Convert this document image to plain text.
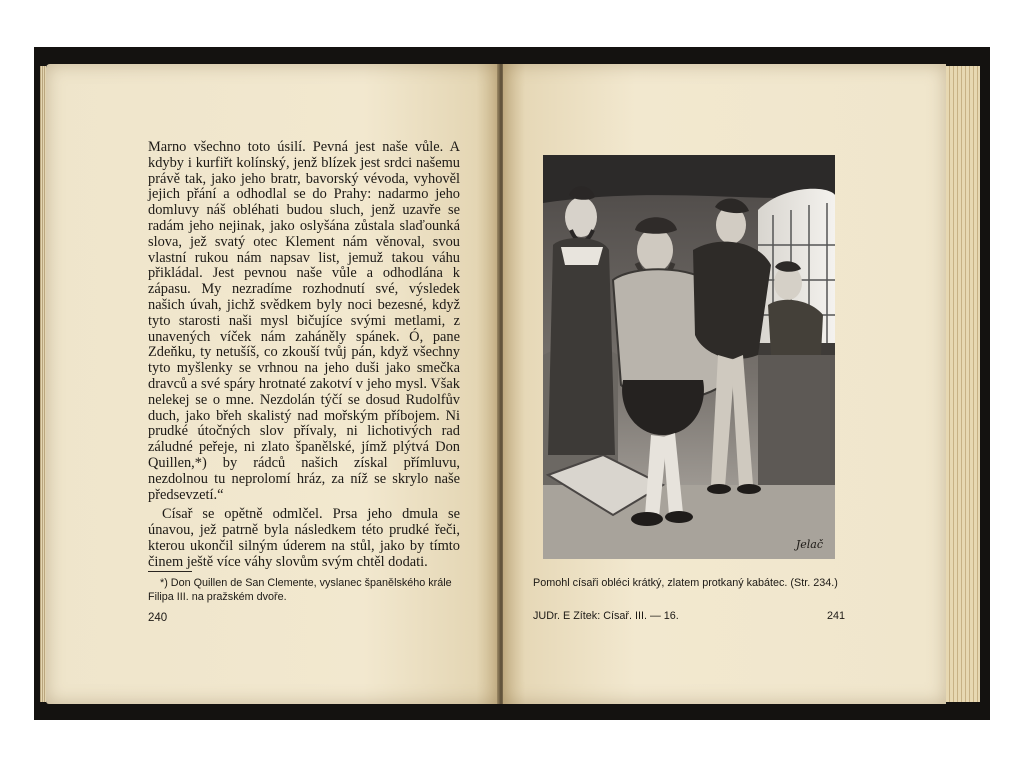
Marno všechno toto úsilí. Pevná jest naše vůle. A kdyby i kurfiřt kolínský, jenž blízek jest srdci našemu právě tak, jako jeho bratr, bavorský vévoda, vyhověl jejich přání a odhodlal se do Prahy: nadarmo jeho domluvy náš obléhati budou sluch, jenž uzavře se radám jeho nejinak, jako oslyšána zůstala slaďounká slova, jež svatý otec Klement nám věnoval, svou vlastní rukou nám napsav list, jemuž takou váhu přikládal. Jest pevnou naše vůle a odhodlána k zápasu. My nezradíme rozhodnutí své, výsledek našich úvah, jichž svědkem byly noci bezesné, když tyto starosti naši mysl bičujíce svými metlami, z unavených víček nám zaháněly spánek. Ó, pane Zdeňku, ty netušíš, co zkouší tvůj pán, když všechny tyto myšlenky se vrhnou na jeho duši jako smečka dravců a své spáry hrotnaté zakotví v jeho mysl. Však nelekej se o mne. Nezdolán týčí se dosud Rudolfův duch, jako břeh skalistý nad mořským příbojem. Ni prudké útočných slov přívaly, ni lichotivých rad záludné peřeje, ni zlato španělské, jímž plýtvá Don Quillen,*) by rádců našich získal přímluvu, nezdolnou tu neprolomí hráz, za níž se skrylo naše předsevzetí.“

Císař se opětně odmlčel. Prsa jeho dmula se únavou, jež patrně byla následkem této prudké řeči, kterou ukončil silným úderem na stůl, jako by tímto činem ještě více váhy slovům svým chtěl dodati.

*) Don Quillen de San Clemente, vyslanec španělského krále Filipa III. na pražském dvoře.
240
Jelač
Pomohl císaři obléci krátký, zlatem protkaný kabátec. (Str. 234.)
JUDr. E Zítek: Císař. III. — 16.	241
